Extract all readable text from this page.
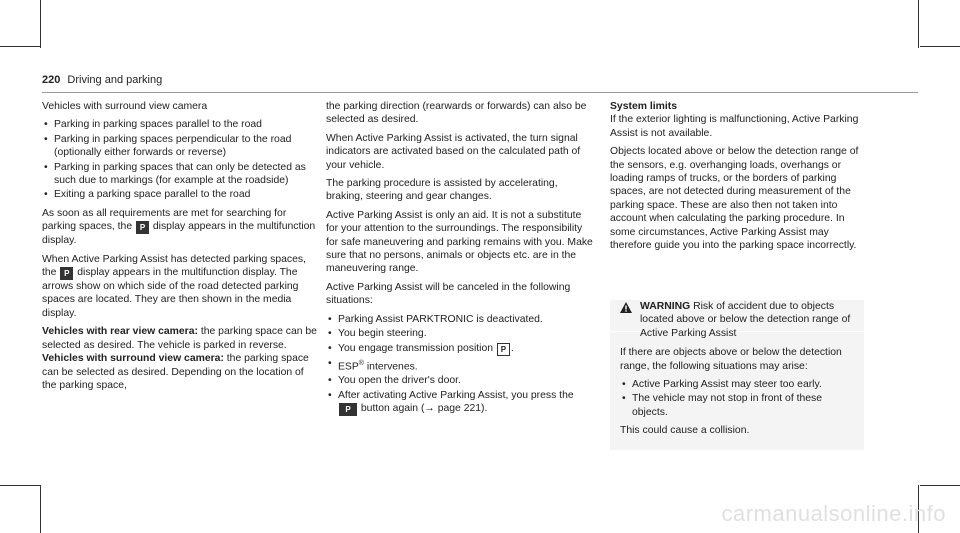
220 Driving and parking

Vehicles with surround view camera

• Parking in parking spaces parallel to the road
• Parking in parking spaces perpendicular to the road (optionally either forwards or reverse)
• Parking in parking spaces that can only be detected as such due to markings (for example at the roadside)
• Exiting a parking space parallel to the road

As soon as all requirements are met for searching for parking spaces, the P display appears in the multifunction display.

When Active Parking Assist has detected parking spaces, the P display appears in the multifunction display. The arrows show on which side of the road detected parking spaces are located. They are then shown in the media display.

Vehicles with rear view camera: the parking space can be selected as desired. The vehicle is parked in reverse.

Vehicles with surround view camera: the parking space can be selected as desired. Depending on the location of the parking space,

the parking direction (rearwards or forwards) can also be selected as desired.

When Active Parking Assist is activated, the turn signal indicators are activated based on the calculated path of your vehicle.

The parking procedure is assisted by accelerating, braking, steering and gear changes.

Active Parking Assist is only an aid. It is not a substitute for your attention to the surroundings. The responsibility for safe maneuvering and parking remains with you. Make sure that no persons, animals or objects etc. are in the maneuvering range.

Active Parking Assist will be canceled in the following situations:

• Parking Assist PARKTRONIC is deactivated.
• You begin steering.
• You engage transmission position P .
• ESP® intervenes.
• You open the driver's door.
• After activating Active Parking Assist, you press the P button again (→ page 221).

System limits

If the exterior lighting is malfunctioning, Active Parking Assist is not available.

Objects located above or below the detection range of the sensors, e.g. overhanging loads, overhangs or loading ramps of trucks, or the borders of parking spaces, are not detected during measurement of the parking space. These are also then not taken into account when calculating the parking procedure. In some circumstances, Active Parking Assist may therefore guide you into the parking space incorrectly.

WARNING Risk of accident due to objects located above or below the detection range of Active Parking Assist

If there are objects above or below the detection range, the following situations may arise:

• Active Parking Assist may steer too early.
• The vehicle may not stop in front of these objects.

This could cause a collision.

carmanualsonline.info
